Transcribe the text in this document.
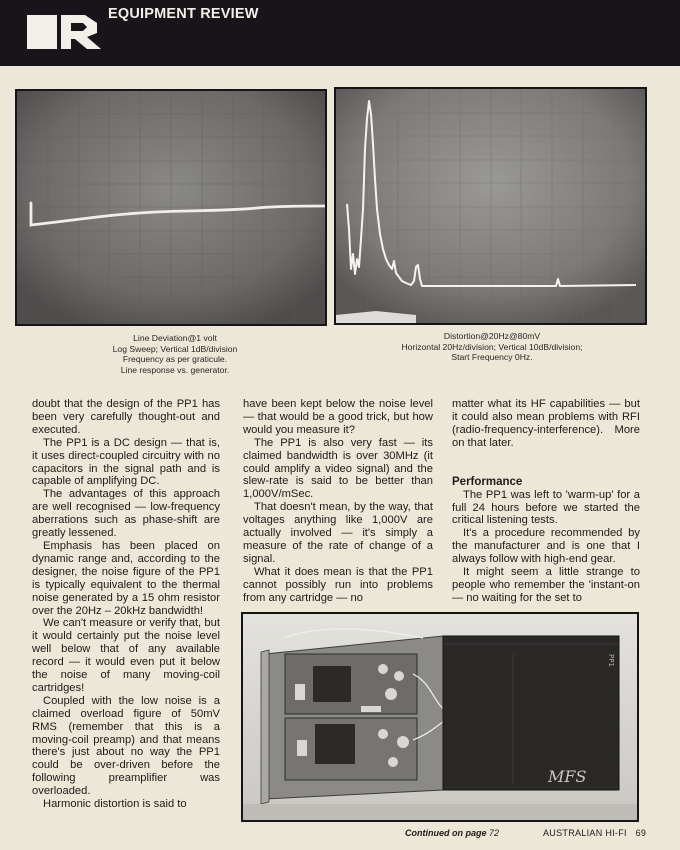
EQUIPMENT REVIEW
Line Deviation@1 volt
Log Sweep; Vertical 1dB/division
Frequency as per graticule.
Line response vs. generator.
Distortion@20Hz@80mV
Horizontal 20Hz/division; Vertical 10dB/division;
Start Frequency 0Hz.

doubt that the design of the PP1 has been very carefully thought-out and executed.

The PP1 is a DC design — that is, it uses direct-coupled circuitry with no capacitors in the signal path and is capable of amplifying DC.

The advantages of this approach are well recognised — low-frequency aberrations such as phase-shift are greatly lessened.

Emphasis has been placed on dynamic range and, according to the designer, the noise figure of the PP1 is typically equivalent to the thermal noise generated by a 15 ohm resistor over the 20Hz – 20kHz bandwidth!

We can't measure or verify that, but it would certainly put the noise level well below that of any available record — it would even put it below the noise of many moving-coil cartridges!

Coupled with the low noise is a claimed overload figure of 50mV RMS (remember that this is a moving-coil preamp) and that means there's just about no way the PP1 could be over-driven before the following preamplifier was overloaded.

Harmonic distortion is said to

have been kept below the noise level — that would be a good trick, but how would you measure it?

The PP1 is also very fast — its claimed bandwidth is over 30MHz (it could amplify a video signal) and the slew-rate is said to be better than 1,000V/mSec.

That doesn't mean, by the way, that voltages anything like 1,000V are actually involved — it's simply a measure of the rate of change of a signal.

What it does mean is that the PP1 cannot possibly run into problems from any cartridge — no

matter what its HF capabilities — but it could also mean problems with RFI (radio-frequency-interference). More on that later.

Performance

The PP1 was left to 'warm-up' for a full 24 hours before we started the critical listening tests.

It's a procedure recommended by the manufacturer and is one that I always follow with high-end gear.

It might seem a little strange to people who remember the 'instant-on — no waiting for the set to

PP1
MFS
Continued on page 72	AUSTRALIAN HI-FI 69
